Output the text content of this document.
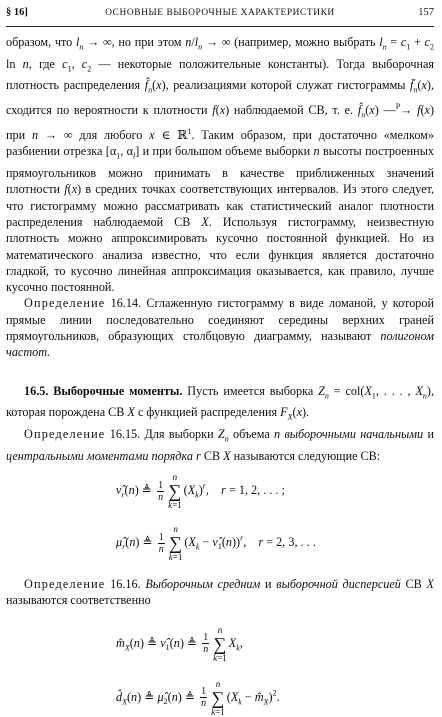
§ 16]	ОСНОВНЫЕ ВЫБОРОЧНЫЕ ХАРАКТЕРИСТИКИ	157

образом, что $l_n$ → ∞, но при этом $n/l_n$ → ∞ (например, можно выбрать $l_n = c_1 + c_2$ ln n, где $c_1$, $c_2$ — некоторые положительные константы). Тогда выборочная плотность распределения $f̂_n(x)$, реализациями которой служат гистограммы $f̄_n(x)$, сходится по вероятности к плотности f(x) наблюдаемой СВ, т. е. $f̂_n(x)$ —$^P$→ f(x) при n → ∞ для любого x ∈ ℝ$^1$. Таким образом, при достаточно «мелком» разбиении отрезка [$\alpha_1$, $\alpha_l$] и при большом объеме выборки n высоты построенных прямоугольников можно принимать в качестве приближенных значений плотности f(x) в средних точках соответствующих интервалов. Из этого следует, что гистограмму можно рассматривать как статистический аналог плотности распределения наблюдаемой СВ X. Используя гистограмму, неизвестную плотность можно аппроксимировать кусочно постоянной функцией. Но из математического анализа известно, что если функция является достаточно гладкой, то кусочно линейная аппроксимация оказывается, как правило, лучше кусочно постоянной.

Определение 16.14. Сглаженную гистограмму в виде ломаной, у которой прямые линии последовательно соединяют середины верхних граней прямоугольников, образующих столбцовую диаграмму, называют полигоном частот.

16.5. Выборочные моменты. Пусть имеется выборка $Z_n = col(X_1$, . . . , $X_n$), которая порождена СВ X с функцией распределения $F_X(x)$.

Определение 16.15. Для выборки $Z_n$ объема n выборочными начальными и центральными моментами порядка r СВ X называются следующие СВ:

$\nû_r(n)$ ≜ $\frac{1}{n}$
n
∑
$k=1(X_k)^r$,    r = 1, 2, . . . ;
$\mû_r(n)$ ≜ $\frac{1}{n}$
n
∑
$k=1(X_k$ − $\nû_1(n))^r$,    r = 2, 3, . . .

Определение 16.16. Выборочным средним и выборочной дисперсией СВ X называются соответственно

$m̂_X(n)$ ≜ $\nû_1(n)$ ≜ $\frac{1}{n}$
n
∑
$k=1X_k$,
$d̂_X(n)$ ≜ $\mû_2(n)$ ≜ $\frac{1}{n}$
n
∑
$k=1(X_k$ − $m̂_X)^2$.
